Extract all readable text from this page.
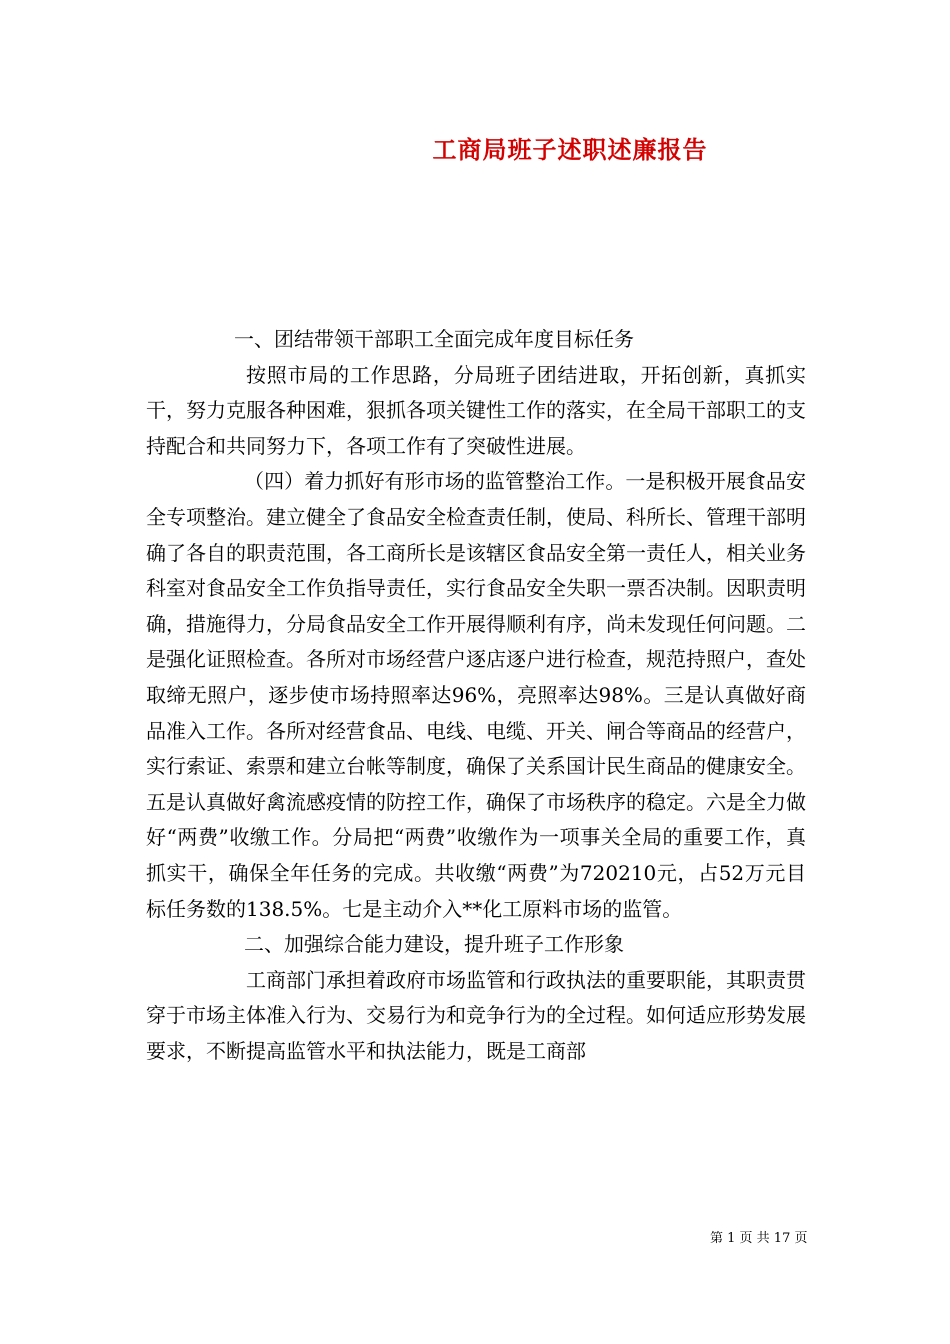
工商局班子述职述廉报告

一、团结带领干部职工全面完成年度目标任务

按照市局的工作思路，分局班子团结进取，开拓创新，真抓实干，努力克服各种困难，狠抓各项关键性工作的落实，在全局干部职工的支持配合和共同努力下，各项工作有了突破性进展。

（四）着力抓好有形市场的监管整治工作。一是积极开展食品安全专项整治。建立健全了食品安全检查责任制，使局、科所长、管理干部明确了各自的职责范围，各工商所长是该辖区食品安全第一责任人，相关业务科室对食品安全工作负指导责任，实行食品安全失职一票否决制。因职责明确，措施得力，分局食品安全工作开展得顺利有序，尚未发现任何问题。二是强化证照检查。各所对市场经营户逐店逐户进行检查，规范持照户，查处取缔无照户，逐步使市场持照率达96%，亮照率达98%。三是认真做好商品准入工作。各所对经营食品、电线、电缆、开关、闸合等商品的经营户，实行索证、索票和建立台帐等制度，确保了关系国计民生商品的健康安全。五是认真做好禽流感疫情的防控工作，确保了市场秩序的稳定。六是全力做好“两费”收缴工作。分局把“两费”收缴作为一项事关全局的重要工作，真抓实干，确保全年任务的完成。共收缴“两费”为720210元，占52万元目标任务数的138.5%。七是主动介入**化工原料市场的监管。

二、加强综合能力建设，提升班子工作形象

工商部门承担着政府市场监管和行政执法的重要职能，其职责贯穿于市场主体准入行为、交易行为和竞争行为的全过程。如何适应形势发展要求，不断提高监管水平和执法能力，既是工商部

第 1 页 共 17 页
